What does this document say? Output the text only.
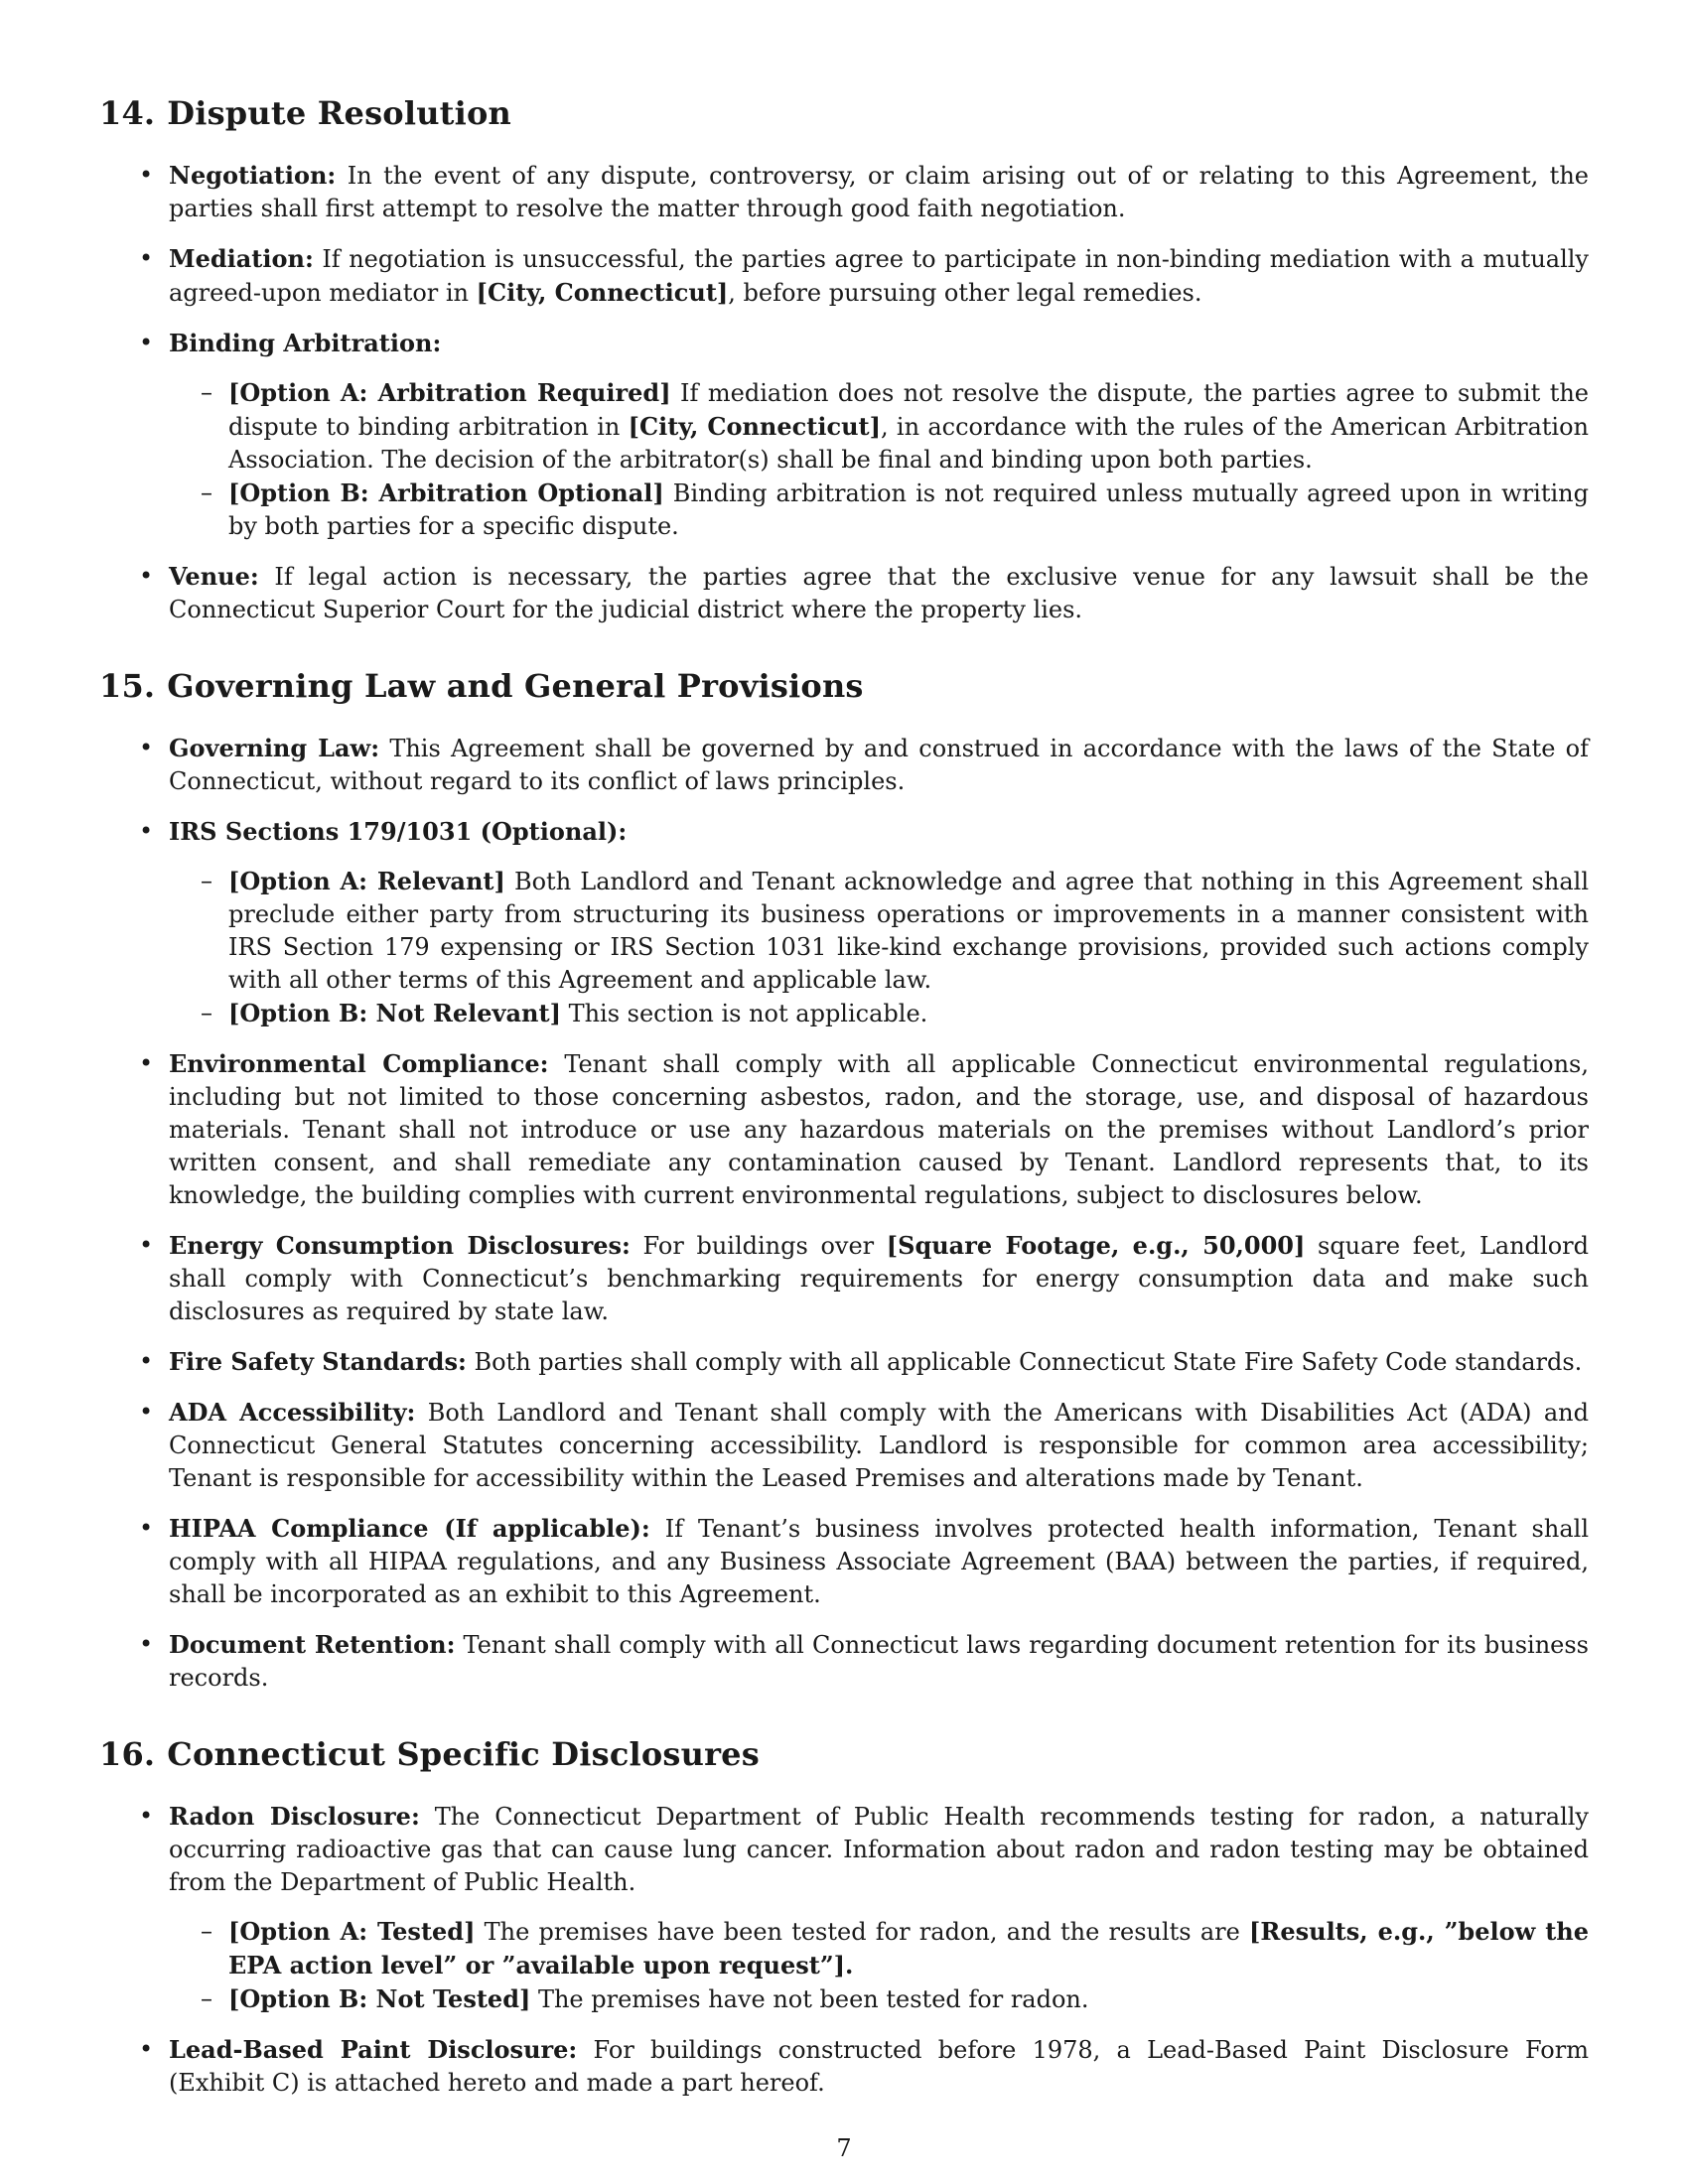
14. Dispute Resolution
• Negotiation: In the event of any dispute, controversy, or claim arising out of or relating to this Agreement, the parties shall first attempt to resolve the matter through good faith negotiation.
• Mediation: If negotiation is unsuccessful, the parties agree to participate in non-binding mediation with a mutually agreed-upon mediator in [City, Connecticut], before pursuing other legal remedies.
• Binding Arbitration:
– [Option A: Arbitration Required] If mediation does not resolve the dispute, the parties agree to submit the dispute to binding arbitration in [City, Connecticut], in accordance with the rules of the American Arbitration Association. The decision of the arbitrator(s) shall be final and binding upon both parties.
– [Option B: Arbitration Optional] Binding arbitration is not required unless mutually agreed upon in writing by both parties for a specific dispute.
• Venue: If legal action is necessary, the parties agree that the exclusive venue for any lawsuit shall be the Connecticut Superior Court for the judicial district where the property lies.
15. Governing Law and General Provisions
• Governing Law: This Agreement shall be governed by and construed in accordance with the laws of the State of Connecticut, without regard to its conflict of laws principles.
• IRS Sections 179/1031 (Optional):
– [Option A: Relevant] Both Landlord and Tenant acknowledge and agree that nothing in this Agreement shall preclude either party from structuring its business operations or improvements in a manner consistent with IRS Section 179 expensing or IRS Section 1031 like-kind exchange provisions, provided such actions comply with all other terms of this Agreement and applicable law.
– [Option B: Not Relevant] This section is not applicable.
• Environmental Compliance: Tenant shall comply with all applicable Connecticut environmental regulations, including but not limited to those concerning asbestos, radon, and the storage, use, and disposal of hazardous materials. Tenant shall not introduce or use any hazardous materials on the premises without Landlord’s prior written consent, and shall remediate any contamination caused by Tenant. Landlord represents that, to its knowledge, the building complies with current environmental regulations, subject to disclosures below.
• Energy Consumption Disclosures: For buildings over [Square Footage, e.g., 50,000] square feet, Landlord shall comply with Connecticut’s benchmarking requirements for energy consumption data and make such disclosures as required by state law.
• Fire Safety Standards: Both parties shall comply with all applicable Connecticut State Fire Safety Code standards.
• ADA Accessibility: Both Landlord and Tenant shall comply with the Americans with Disabilities Act (ADA) and Connecticut General Statutes concerning accessibility. Landlord is responsible for common area accessibility; Tenant is responsible for accessibility within the Leased Premises and alterations made by Tenant.
• HIPAA Compliance (If applicable): If Tenant’s business involves protected health information, Tenant shall comply with all HIPAA regulations, and any Business Associate Agreement (BAA) between the parties, if required, shall be incorporated as an exhibit to this Agreement.
• Document Retention: Tenant shall comply with all Connecticut laws regarding document retention for its business records.
16. Connecticut Specific Disclosures
• Radon Disclosure: The Connecticut Department of Public Health recommends testing for radon, a naturally occurring radioactive gas that can cause lung cancer. Information about radon and radon testing may be obtained from the Department of Public Health.
– [Option A: Tested] The premises have been tested for radon, and the results are [Results, e.g., ”below the EPA action level” or ”available upon request”].
– [Option B: Not Tested] The premises have not been tested for radon.
• Lead-Based Paint Disclosure: For buildings constructed before 1978, a Lead-Based Paint Disclosure Form (Exhibit C) is attached hereto and made a part hereof.
7
